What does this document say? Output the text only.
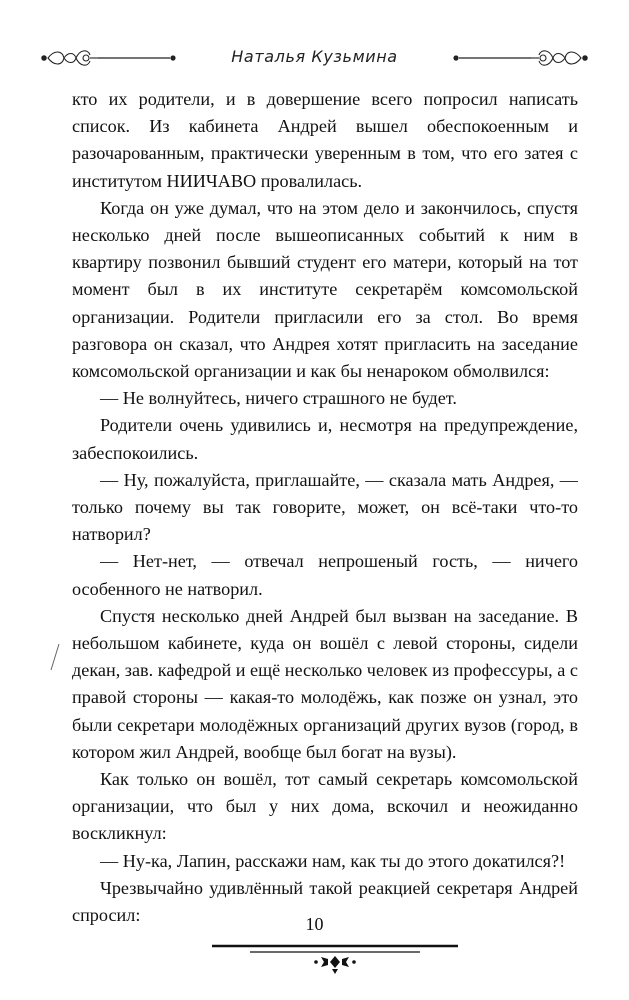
Наталья Кузьмина

кто их родители, и в довершение всего попросил написать список. Из кабинета Андрей вышел обеспокоенным и разочарованным, практически уверенным в том, что его затея с институтом НИИЧАВО провалилась.

Когда он уже думал, что на этом дело и закончилось, спустя несколько дней после вышеописанных событий к ним в квартиру позвонил бывший студент его матери, который на тот момент был в их институте секретарём комсомольской организации. Родители пригласили его за стол. Во время разговора он сказал, что Андрея хотят пригласить на заседание комсомольской организации и как бы ненароком обмолвился:

— Не волнуйтесь, ничего страшного не будет.

Родители очень удивились и, несмотря на предупреждение, забеспокоились.

— Ну, пожалуйста, приглашайте, — сказала мать Андрея, — только почему вы так говорите, может, он всё-таки что-то натворил?

— Нет-нет, — отвечал непрошеный гость, — ничего особенного не натворил.

Спустя несколько дней Андрей был вызван на заседание. В небольшом кабинете, куда он вошёл с левой стороны, сидели декан, зав. кафедрой и ещё несколько человек из профессуры, а с правой стороны — какая-то молодёжь, как позже он узнал, это были секретари молодёжных организаций других вузов (город, в котором жил Андрей, вообще был богат на вузы).

Как только он вошёл, тот самый секретарь комсомольской организации, что был у них дома, вскочил и неожиданно воскликнул:

— Ну-ка, Лапин, расскажи нам, как ты до этого докатился?!

Чрезвычайно удивлённый такой реакцией секретаря Андрей спросил:	10
